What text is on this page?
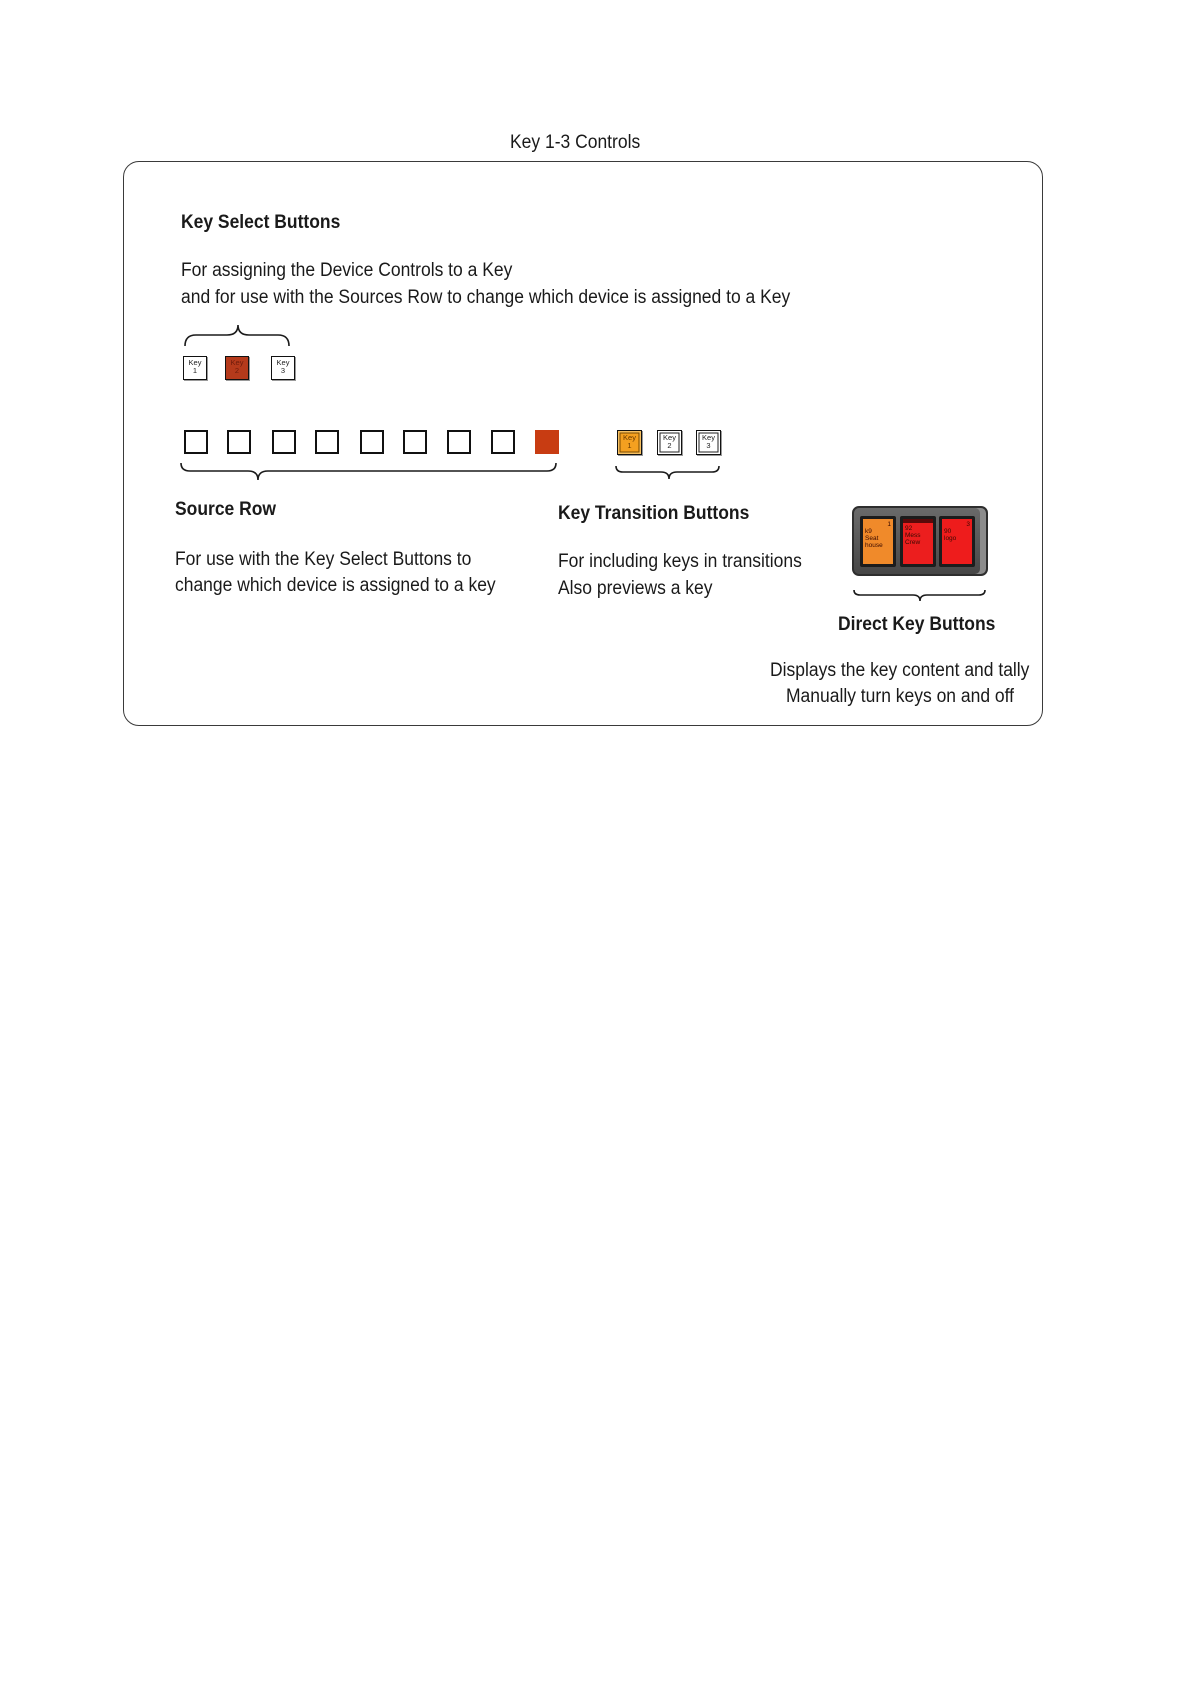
Key 1-3 Controls
Key Select Buttons
For assigning the Device Controls to a Key
and for use with the Sources Row to change which device is assigned to a Key
Key
1
Key
2
Key
3
Source Row
For use with the Key Select Buttons to
change which device is assigned to a key
Key
1
Key
2
Key
3
Key Transition Buttons
For including keys in transitions
Also previews a key
1
k9
Seat
house
92
Mess
Crew
3
90
logo
Direct Key Buttons
Displays the key content and tally
Manually turn keys on and off
